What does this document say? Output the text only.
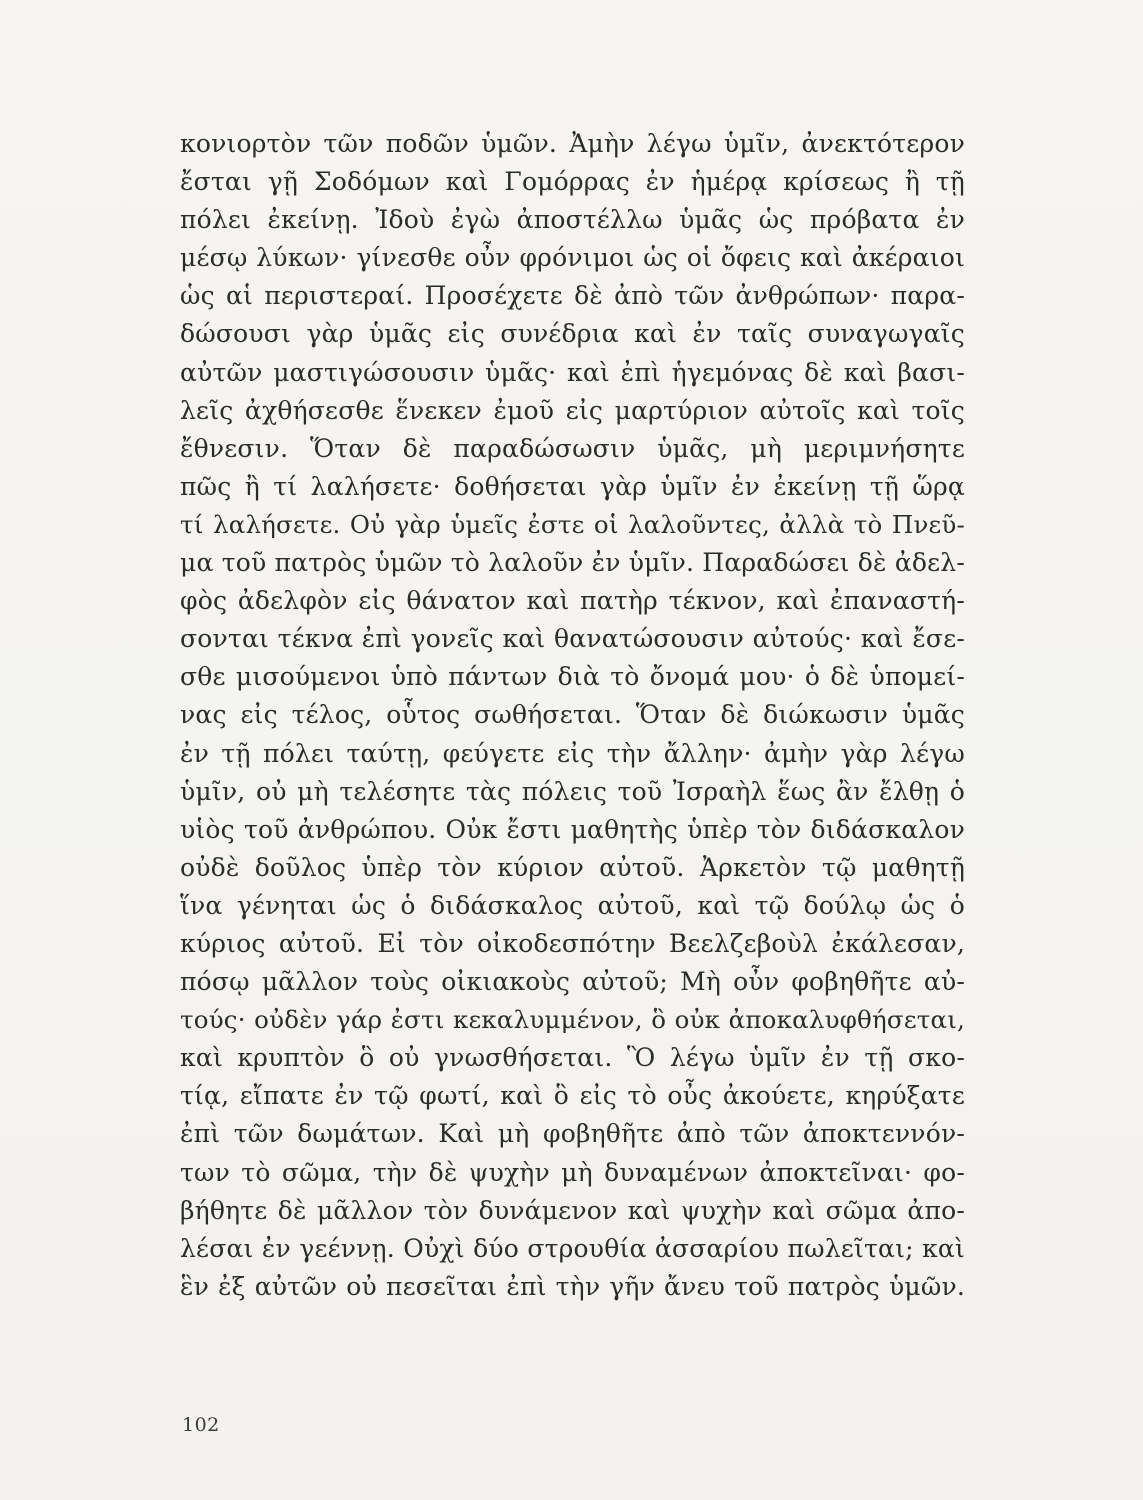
κονιορτὸν τῶν ποδῶν ὑμῶν. Ἀμὴν λέγω ὑμῖν, ἀνεκτότερον
ἔσται γῇ Σοδόμων καὶ Γομόρρας ἐν ἡμέρᾳ κρίσεως ἢ τῇ
πόλει ἐκείνῃ. Ἰδοὺ ἐγὼ ἀποστέλλω ὑμᾶς ὡς πρόβατα ἐν
μέσῳ λύκων· γίνεσθε οὖν φρόνιμοι ὡς οἱ ὄφεις καὶ ἀκέραιοι
ὡς αἱ περιστεραί. Προσέχετε δὲ ἀπὸ τῶν ἀνθρώπων· παρα-
δώσουσι γὰρ ὑμᾶς εἰς συνέδρια καὶ ἐν ταῖς συναγωγαῖς
αὐτῶν μαστιγώσουσιν ὑμᾶς· καὶ ἐπὶ ἡγεμόνας δὲ καὶ βασι-
λεῖς ἀχθήσεσθε ἕνεκεν ἐμοῦ εἰς μαρτύριον αὐτοῖς καὶ τοῖς
ἔθνεσιν. Ὅταν δὲ παραδώσωσιν ὑμᾶς, μὴ μεριμνήσητε
πῶς ἢ τί λαλήσετε· δοθήσεται γὰρ ὑμῖν ἐν ἐκείνῃ τῇ ὥρᾳ
τί λαλήσετε. Οὐ γὰρ ὑμεῖς ἐστε οἱ λαλοῦντες, ἀλλὰ τὸ Πνεῦ-
μα τοῦ πατρὸς ὑμῶν τὸ λαλοῦν ἐν ὑμῖν. Παραδώσει δὲ ἀδελ-
φὸς ἀδελφὸν εἰς θάνατον καὶ πατὴρ τέκνον, καὶ ἐπαναστή-
σονται τέκνα ἐπὶ γονεῖς καὶ θανατώσουσιν αὐτούς· καὶ ἔσε-
σθε μισούμενοι ὑπὸ πάντων διὰ τὸ ὄνομά μου· ὁ δὲ ὑπομεί-
νας εἰς τέλος, οὗτος σωθήσεται. Ὅταν δὲ διώκωσιν ὑμᾶς
ἐν τῇ πόλει ταύτῃ, φεύγετε εἰς τὴν ἄλλην· ἀμὴν γὰρ λέγω
ὑμῖν, οὐ μὴ τελέσητε τὰς πόλεις τοῦ Ἰσραὴλ ἕως ἂν ἔλθῃ ὁ
υἱὸς τοῦ ἀνθρώπου. Οὐκ ἔστι μαθητὴς ὑπὲρ τὸν διδάσκαλον
οὐδὲ δοῦλος ὑπὲρ τὸν κύριον αὐτοῦ. Ἀρκετὸν τῷ μαθητῇ
ἵνα γένηται ὡς ὁ διδάσκαλος αὐτοῦ, καὶ τῷ δούλῳ ὡς ὁ
κύριος αὐτοῦ. Εἰ τὸν οἰκοδεσπότην Βεελζεβοὺλ ἐκάλεσαν,
πόσῳ μᾶλλον τοὺς οἰκιακοὺς αὐτοῦ; Μὴ οὖν φοβηθῆτε αὐ-
τούς· οὐδὲν γάρ ἐστι κεκαλυμμένον, ὃ οὐκ ἀποκαλυφθήσεται,
καὶ κρυπτὸν ὃ οὐ γνωσθήσεται. Ὃ λέγω ὑμῖν ἐν τῇ σκο-
τίᾳ, εἴπατε ἐν τῷ φωτί, καὶ ὃ εἰς τὸ οὖς ἀκούετε, κηρύξατε
ἐπὶ τῶν δωμάτων. Καὶ μὴ φοβηθῆτε ἀπὸ τῶν ἀποκτεννόν-
των τὸ σῶμα, τὴν δὲ ψυχὴν μὴ δυναμένων ἀποκτεῖναι· φο-
βήθητε δὲ μᾶλλον τὸν δυνάμενον καὶ ψυχὴν καὶ σῶμα ἀπο-
λέσαι ἐν γεέννῃ. Οὐχὶ δύο στρουθία ἀσσαρίου πωλεῖται; καὶ
ἓν ἐξ αὐτῶν οὐ πεσεῖται ἐπὶ τὴν γῆν ἄνευ τοῦ πατρὸς ὑμῶν.
102
